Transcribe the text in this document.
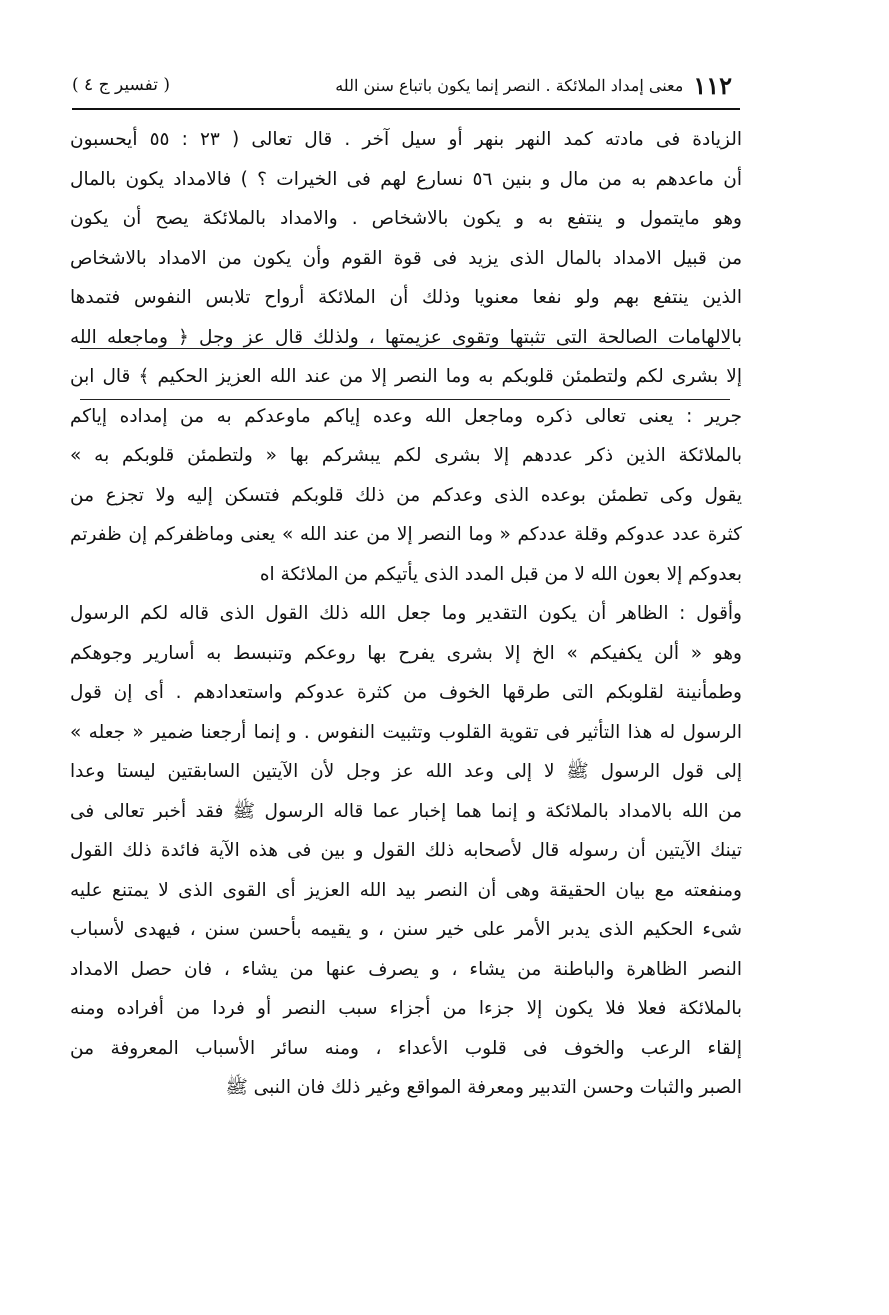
١١٢
معنى إمداد الملائكة . النصر إنما يكون باتباع سنن الله
( تفسير ج ٤ )
الزيادة فى مادته كمد النهر بنهر أو سيل آخر . قال تعالى ( ٢٣ : ٥٥ أيحسبون
أن ماعدهم به من مال و بنين ٥٦ نسارع لهم فى الخيرات ؟ ) فالامداد يكون بالمال
وهو مايتمول و ينتفع به و يكون بالاشخاص . والامداد بالملائكة يصح أن يكون
من قبيل الامداد بالمال الذى يزيد فى قوة القوم وأن يكون من الامداد بالاشخاص
الذين ينتفع بهم ولو نفعا معنويا وذلك أن الملائكة أرواح تلابس النفوس فتمدها
بالالهامات الصالحة التى تثبتها وتقوى عزيمتها ، ولذلك قال عز وجل ﴿ وماجعله الله
إلا بشرى لكم ولتطمئن قلوبكم به وما النصر إلا من عند الله العزيز الحكيم ﴾ قال ابن
جرير : يعنى تعالى ذكره وماجعل الله وعده إياكم ماوعدكم به من إمداده إياكم
بالملائكة الذين ذكر عددهم إلا بشرى لكم يبشركم بها « ولتطمئن قلوبكم به »
يقول وكى تطمئن بوعده الذى وعدكم من ذلك قلوبكم فتسكن إليه ولا تجزع من
كثرة عدد عدوكم وقلة عددكم « وما النصر إلا من عند الله » يعنى وماظفركم إن ظفرتم
بعدوكم إلا بعون الله لا من قبل المدد الذى يأتيكم من الملائكة اه
وأقول : الظاهر أن يكون التقدير وما جعل الله ذلك القول الذى قاله لكم الرسول
وهو « ألن يكفيكم » الخ إلا بشرى يفرح بها روعكم وتنبسط به أسارير وجوهكم
وطمأنينة لقلوبكم التى طرقها الخوف من كثرة عدوكم واستعدادهم . أى إن قول
الرسول له هذا التأثير فى تقوية القلوب وتثبيت النفوس . و إنما أرجعنا ضمير « جعله »
إلى قول الرسول ﷺ لا إلى وعد الله عز وجل لأن الآيتين السابقتين ليستا وعدا
من الله بالامداد بالملائكة و إنما هما إخبار عما قاله الرسول ﷺ فقد أخبر تعالى فى
تينك الآيتين أن رسوله قال لأصحابه ذلك القول و بين فى هذه الآية فائدة ذلك القول
ومنفعته مع بيان الحقيقة وهى أن النصر بيد الله العزيز أى القوى الذى لا يمتنع عليه
شىء الحكيم الذى يدبر الأمر على خير سنن ، و يقيمه بأحسن سنن ، فيهدى لأسباب
النصر الظاهرة والباطنة من يشاء ، و يصرف عنها من يشاء ، فان حصل الامداد
بالملائكة فعلا فلا يكون إلا جزءا من أجزاء سبب النصر أو فردا من أفراده ومنه
إلقاء الرعب والخوف فى قلوب الأعداء ، ومنه سائر الأسباب المعروفة من
الصبر والثبات وحسن التدبير ومعرفة المواقع وغير ذلك فان النبى ﷺ
